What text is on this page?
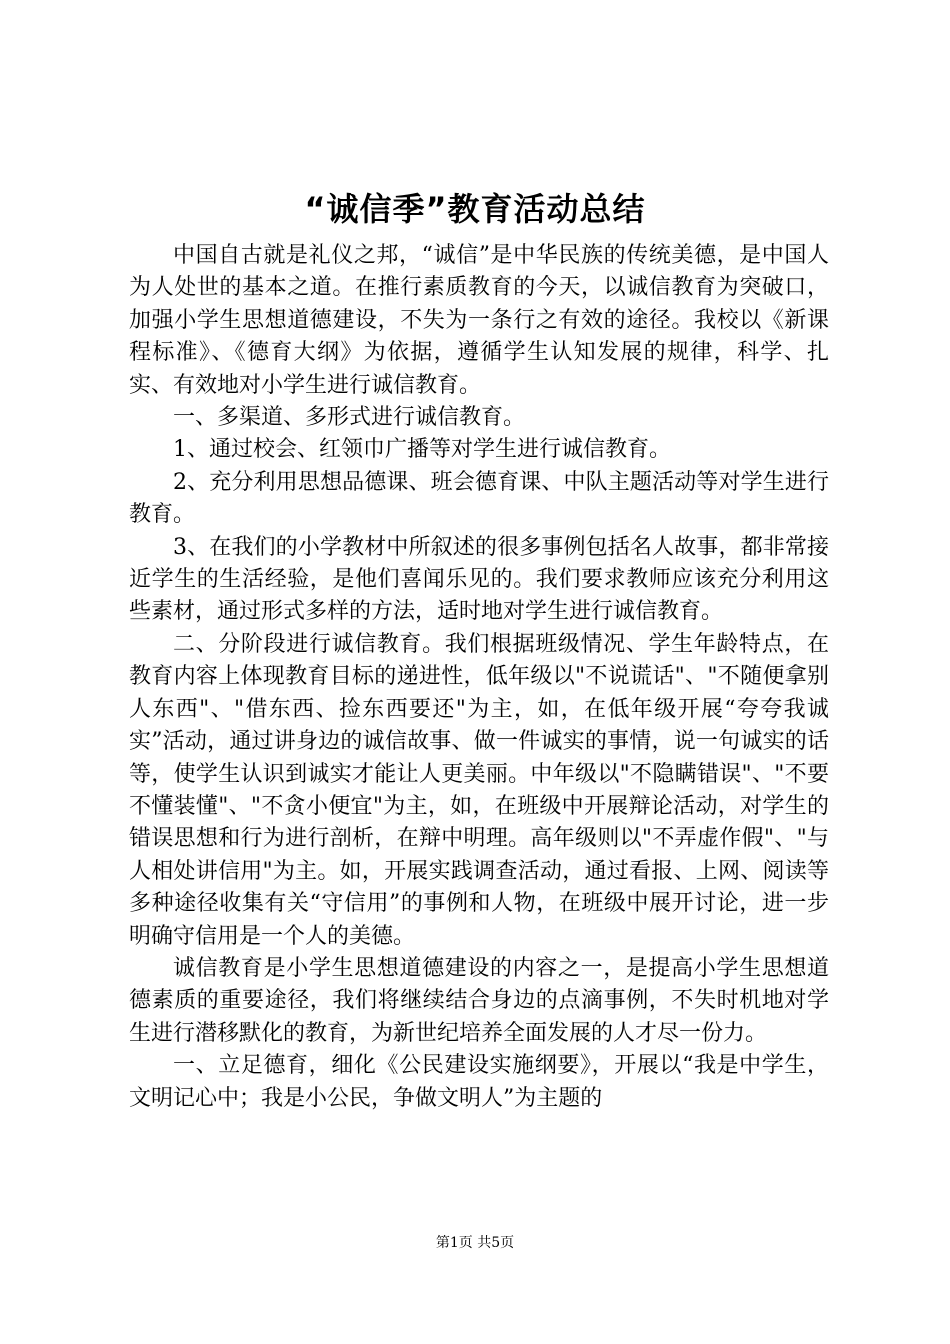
“诚信季”教育活动总结

中国自古就是礼仪之邦，“诚信”是中华民族的传统美德，是中国人为人处世的基本之道。在推行素质教育的今天，以诚信教育为突破口，加强小学生思想道德建设，不失为一条行之有效的途径。我校以《新课程标准》、《德育大纲》为依据，遵循学生认知发展的规律，科学、扎实、有效地对小学生进行诚信教育。

一、多渠道、多形式进行诚信教育。

1、通过校会、红领巾广播等对学生进行诚信教育。

2、充分利用思想品德课、班会德育课、中队主题活动等对学生进行教育。

3、在我们的小学教材中所叙述的很多事例包括名人故事，都非常接近学生的生活经验，是他们喜闻乐见的。我们要求教师应该充分利用这些素材，通过形式多样的方法，适时地对学生进行诚信教育。

二、分阶段进行诚信教育。我们根据班级情况、学生年龄特点，在教育内容上体现教育目标的递进性，低年级以"不说谎话"、"不随便拿别人东西"、"借东西、捡东西要还"为主，如，在低年级开展“夸夸我诚实”活动，通过讲身边的诚信故事、做一件诚实的事情，说一句诚实的话等，使学生认识到诚实才能让人更美丽。中年级以"不隐瞒错误"、"不要不懂装懂"、"不贪小便宜"为主，如，在班级中开展辩论活动，对学生的错误思想和行为进行剖析，在辩中明理。高年级则以"不弄虚作假"、"与人相处讲信用"为主。如，开展实践调查活动，通过看报、上网、阅读等多种途径收集有关“守信用”的事例和人物，在班级中展开讨论，进一步明确守信用是一个人的美德。

诚信教育是小学生思想道德建设的内容之一，是提高小学生思想道德素质的重要途径，我们将继续结合身边的点滴事例，不失时机地对学生进行潜移默化的教育，为新世纪培养全面发展的人才尽一份力。

一、立足德育，细化《公民建设实施纲要》，开展以“我是中学生，文明记心中；我是小公民，争做文明人”为主题的

第1页 共5页
